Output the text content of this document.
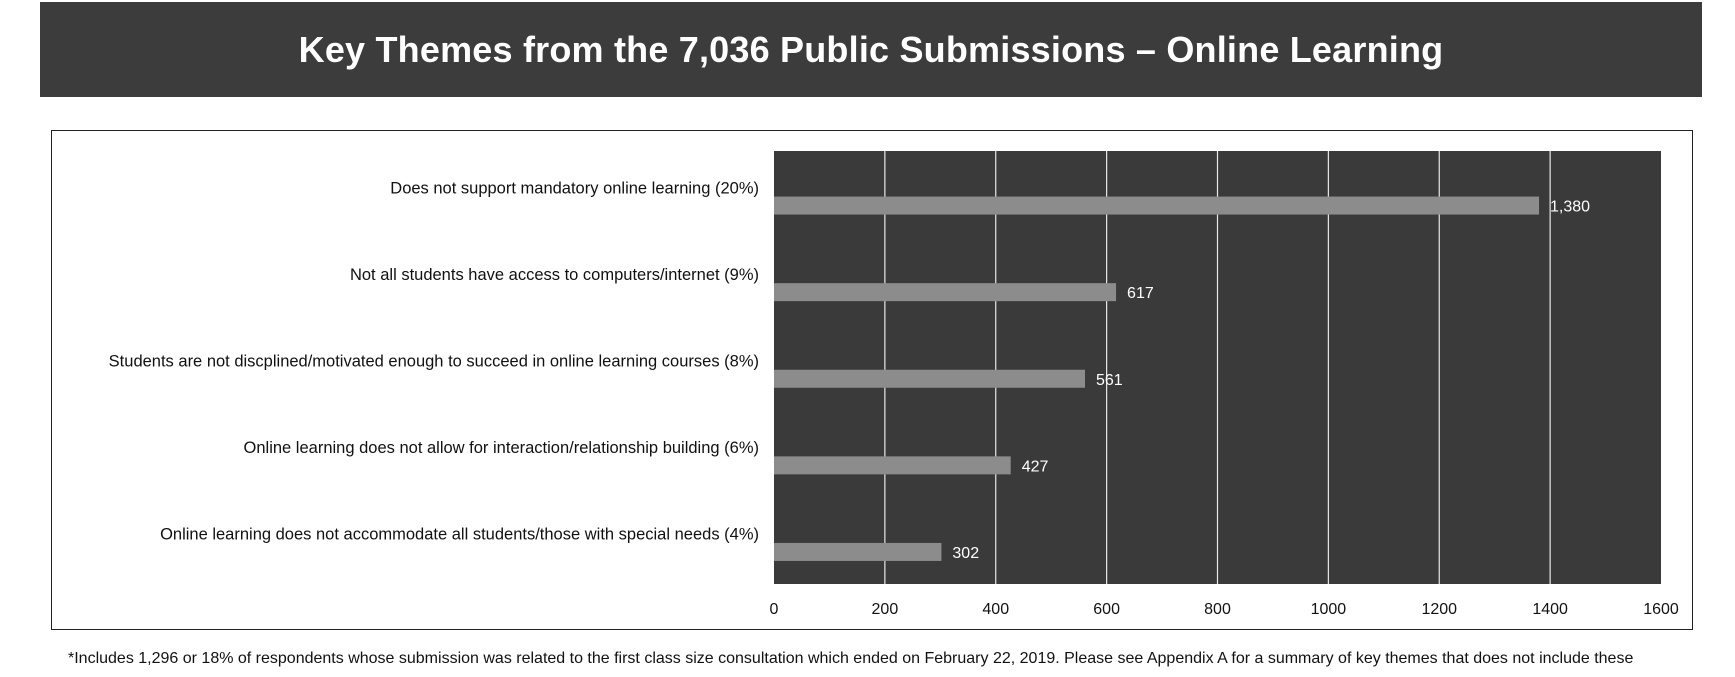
Key Themes from the 7,036 Public Submissions – Online Learning
0	200	400	600	800	1000	1200	1400	1600
1,380
Does not support mandatory online learning (20%)
617
Not all students have access to computers/internet (9%)
561
Students are not discplined/motivated enough to succeed in online learning courses (8%)
427
Online learning does not allow for interaction/relationship building (6%)
302
Online learning does not accommodate all students/those with special needs (4%)
*Includes 1,296 or 18% of respondents whose submission was related to the first class size consultation which ended on February 22, 2019. Please see Appendix A for a summary of key themes that does not include these
